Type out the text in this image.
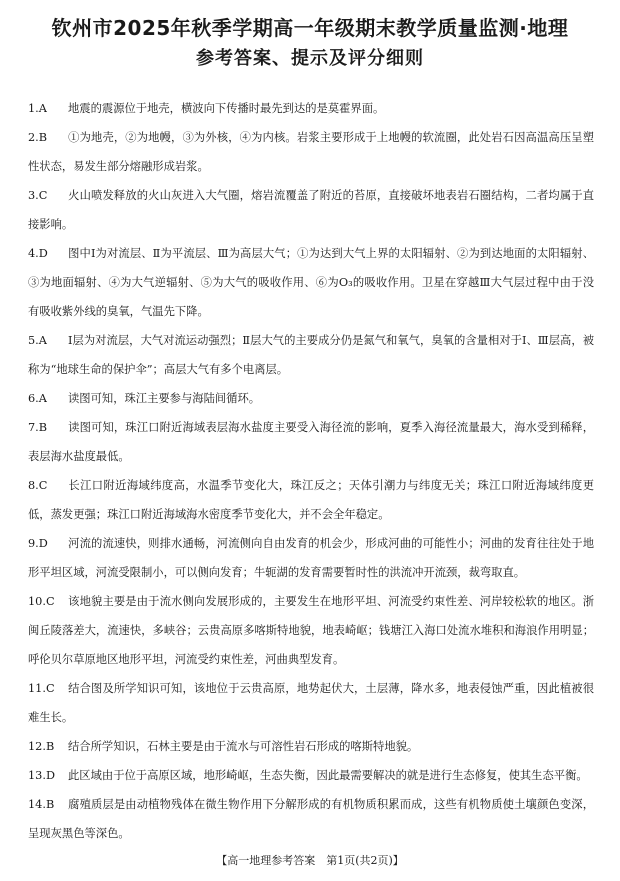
钦州市2025年秋季学期高一年级期末教学质量监测·地理
参考答案、提示及评分细则

1.A 地震的震源位于地壳，横波向下传播时最先到达的是莫霍界面。

2.B ①为地壳，②为地幔，③为外核，④为内核。岩浆主要形成于上地幔的软流圈，此处岩石因高温高压呈塑性状态，易发生部分熔融形成岩浆。

3.C 火山喷发释放的火山灰进入大气圈，熔岩流覆盖了附近的苔原，直接破坏地表岩石圈结构，二者均属于直接影响。

4.D 图中Ⅰ为对流层、Ⅱ为平流层、Ⅲ为高层大气；①为达到大气上界的太阳辐射、②为到达地面的太阳辐射、③为地面辐射、④为大气逆辐射、⑤为大气的吸收作用、⑥为O₃的吸收作用。卫星在穿越Ⅲ大气层过程中由于没有吸收紫外线的臭氧，气温先下降。

5.A Ⅰ层为对流层，大气对流运动强烈；Ⅱ层大气的主要成分仍是氮气和氧气，臭氧的含量相对于Ⅰ、Ⅲ层高，被称为“地球生命的保护伞”；高层大气有多个电离层。

6.A 读图可知，珠江主要参与海陆间循环。

7.B 读图可知，珠江口附近海域表层海水盐度主要受入海径流的影响，夏季入海径流量最大，海水受到稀释，表层海水盐度最低。

8.C 长江口附近海域纬度高，水温季节变化大，珠江反之；天体引潮力与纬度无关；珠江口附近海域纬度更低，蒸发更强；珠江口附近海域海水密度季节变化大，并不会全年稳定。

9.D 河流的流速快，则排水通畅，河流侧向自由发育的机会少，形成河曲的可能性小；河曲的发育往往处于地形平坦区域，河流受限制小，可以侧向发育；牛轭湖的发育需要暂时性的洪流冲开流颈，裁弯取直。

10.C 该地貌主要是由于流水侧向发展形成的，主要发生在地形平坦、河流受约束性差、河岸较松软的地区。浙闽丘陵落差大，流速快，多峡谷；云贵高原多喀斯特地貌，地表崎岖；钱塘江入海口处流水堆积和海浪作用明显；呼伦贝尔草原地区地形平坦，河流受约束性差，河曲典型发育。

11.C 结合图及所学知识可知，该地位于云贵高原，地势起伏大，土层薄，降水多，地表侵蚀严重，因此植被很难生长。

12.B 结合所学知识，石林主要是由于流水与可溶性岩石形成的喀斯特地貌。

13.D 此区域由于位于高原区域，地形崎岖，生态失衡，因此最需要解决的就是进行生态修复，使其生态平衡。

14.B 腐殖质层是由动植物残体在微生物作用下分解形成的有机物质积累而成，这些有机物质使土壤颜色变深，呈现灰黑色等深色。

【高一地理参考答案　第1页(共2页)】
